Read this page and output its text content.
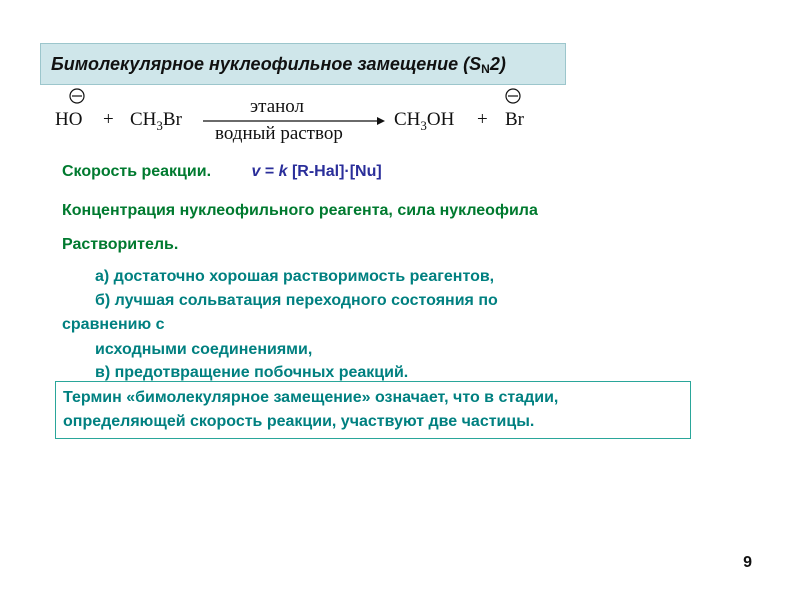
Бимолекулярное нуклеофильное замещение $(S_N2)$
HO + $CH_3Br$
этанол
водный раствор
$CH_3OH + Br$
Скорость реакции.	v = k [R-Hal]·[Nu]
Концентрация нуклеофильного реагента, сила нуклеофила
Растворитель.
а) достаточно хорошая растворимость реагентов,
б) лучшая сольватация переходного состояния по
сравнению с
исходными соединениями,
в) предотвращение побочных реакций.
Термин «бимолекулярное замещение» означает, что в стадии,
определяющей скорость реакции, участвуют две частицы.
9
